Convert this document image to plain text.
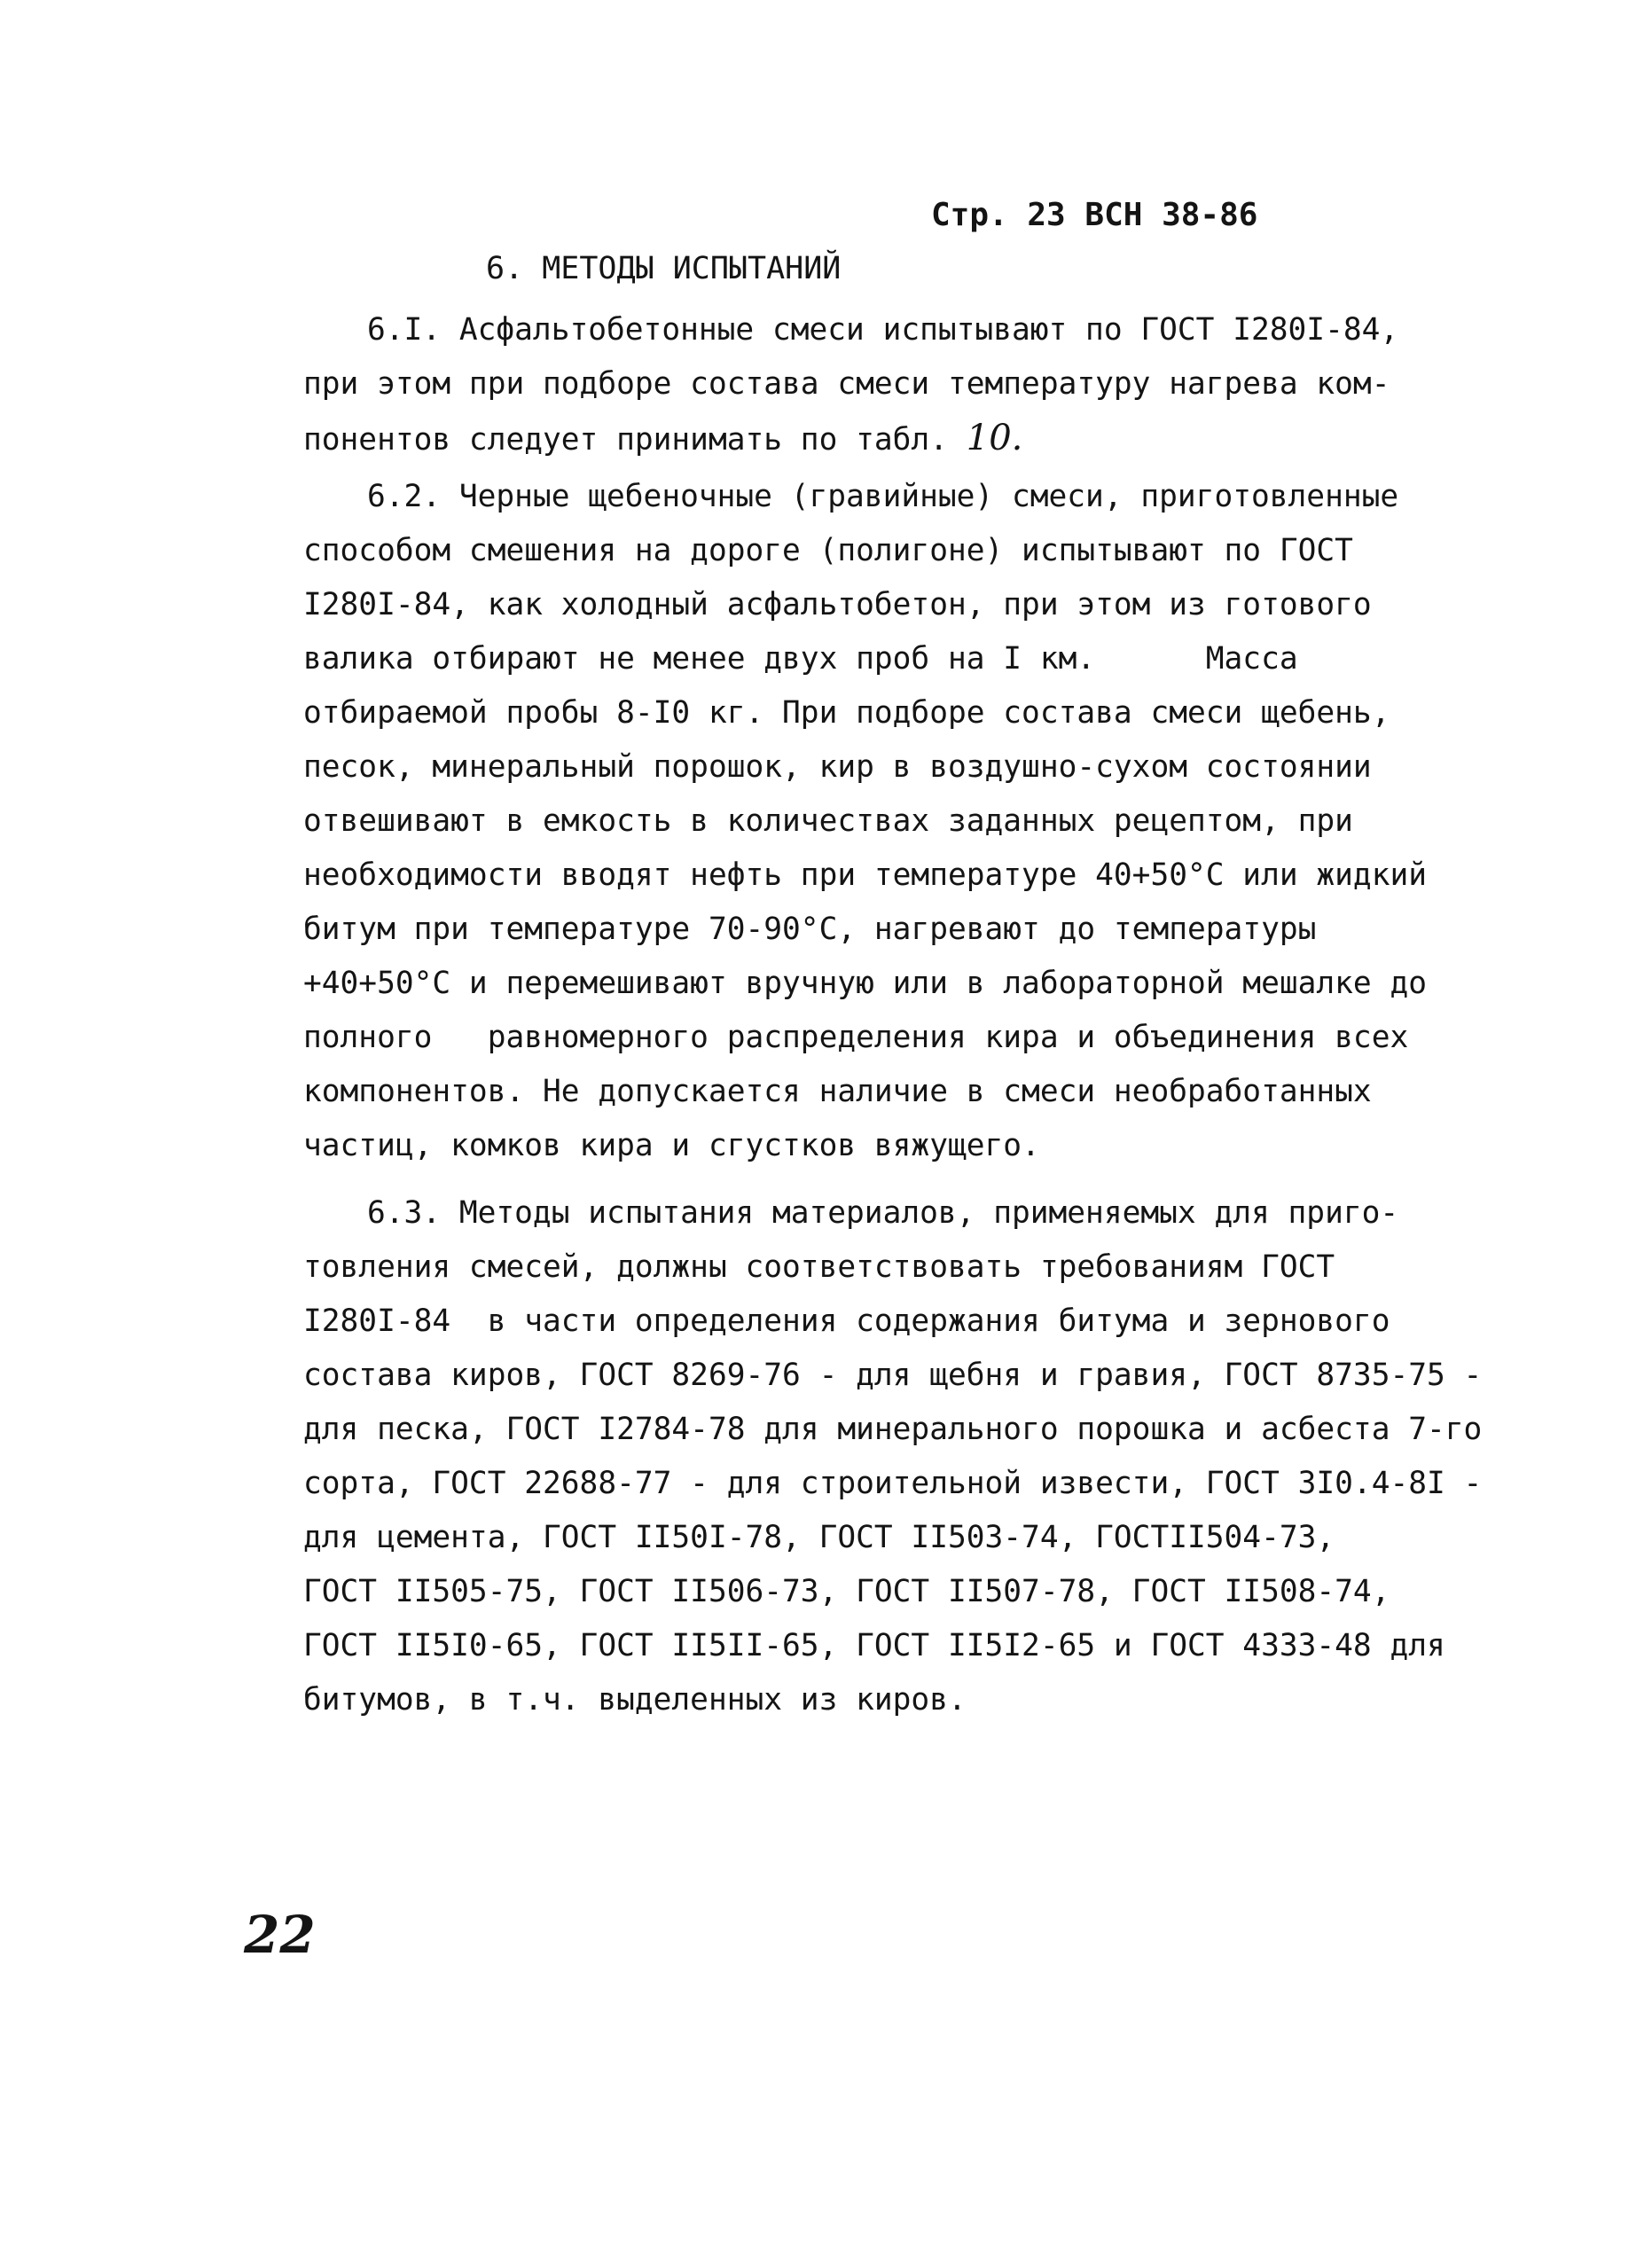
Стр. 23 ВСН 38-86
6. МЕТОДЫ ИСПЫТАНИЙ
6.I. Асфальтобетонные смеси испытывают по ГОСТ I280I-84,
при этом при подборе состава смеси температуру нагрева ком-
понентов следует принимать по табл. 10.
6.2. Черные щебеночные (гравийные) смеси, приготовленные
способом смешения на дороге (полигоне) испытывают по ГОСТ
I280I-84, как холодный асфальтобетон, при этом из готового
валика отбирают не менее двух проб на I км.      Масса
отбираемой пробы 8-I0 кг. При подборе состава смеси щебень,
песок, минеральный порошок, кир в воздушно-сухом состоянии
отвешивают в емкость в количествах заданных рецептом, при
необходимости вводят нефть при температуре 40+50°С или жидкий
битум при температуре 70-90°С, нагревают до температуры
+40+50°С и перемешивают вручную или в лабораторной мешалке до
полного   равномерного распределения кира и объединения всех
компонентов. Не допускается наличие в смеси необработанных
частиц, комков кира и сгустков вяжущего.
6.3. Методы испытания материалов, применяемых для приго-
товления смесей, должны соответствовать требованиям ГОСТ
I280I-84  в части определения содержания битума и зернового
состава киров, ГОСТ 8269-76 - для щебня и гравия, ГОСТ 8735-75 -
для песка, ГОСТ I2784-78 для минерального порошка и асбеста 7-го
сорта, ГОСТ 22688-77 - для строительной извести, ГОСТ 3I0.4-8I -
для цемента, ГОСТ II50I-78, ГОСТ II503-74, ГОСТII504-73,
ГОСТ II505-75, ГОСТ II506-73, ГОСТ II507-78, ГОСТ II508-74,
ГОСТ II5I0-65, ГОСТ II5II-65, ГОСТ II5I2-65 и ГОСТ 4333-48 для
битумов, в т.ч. выделенных из киров.
22
